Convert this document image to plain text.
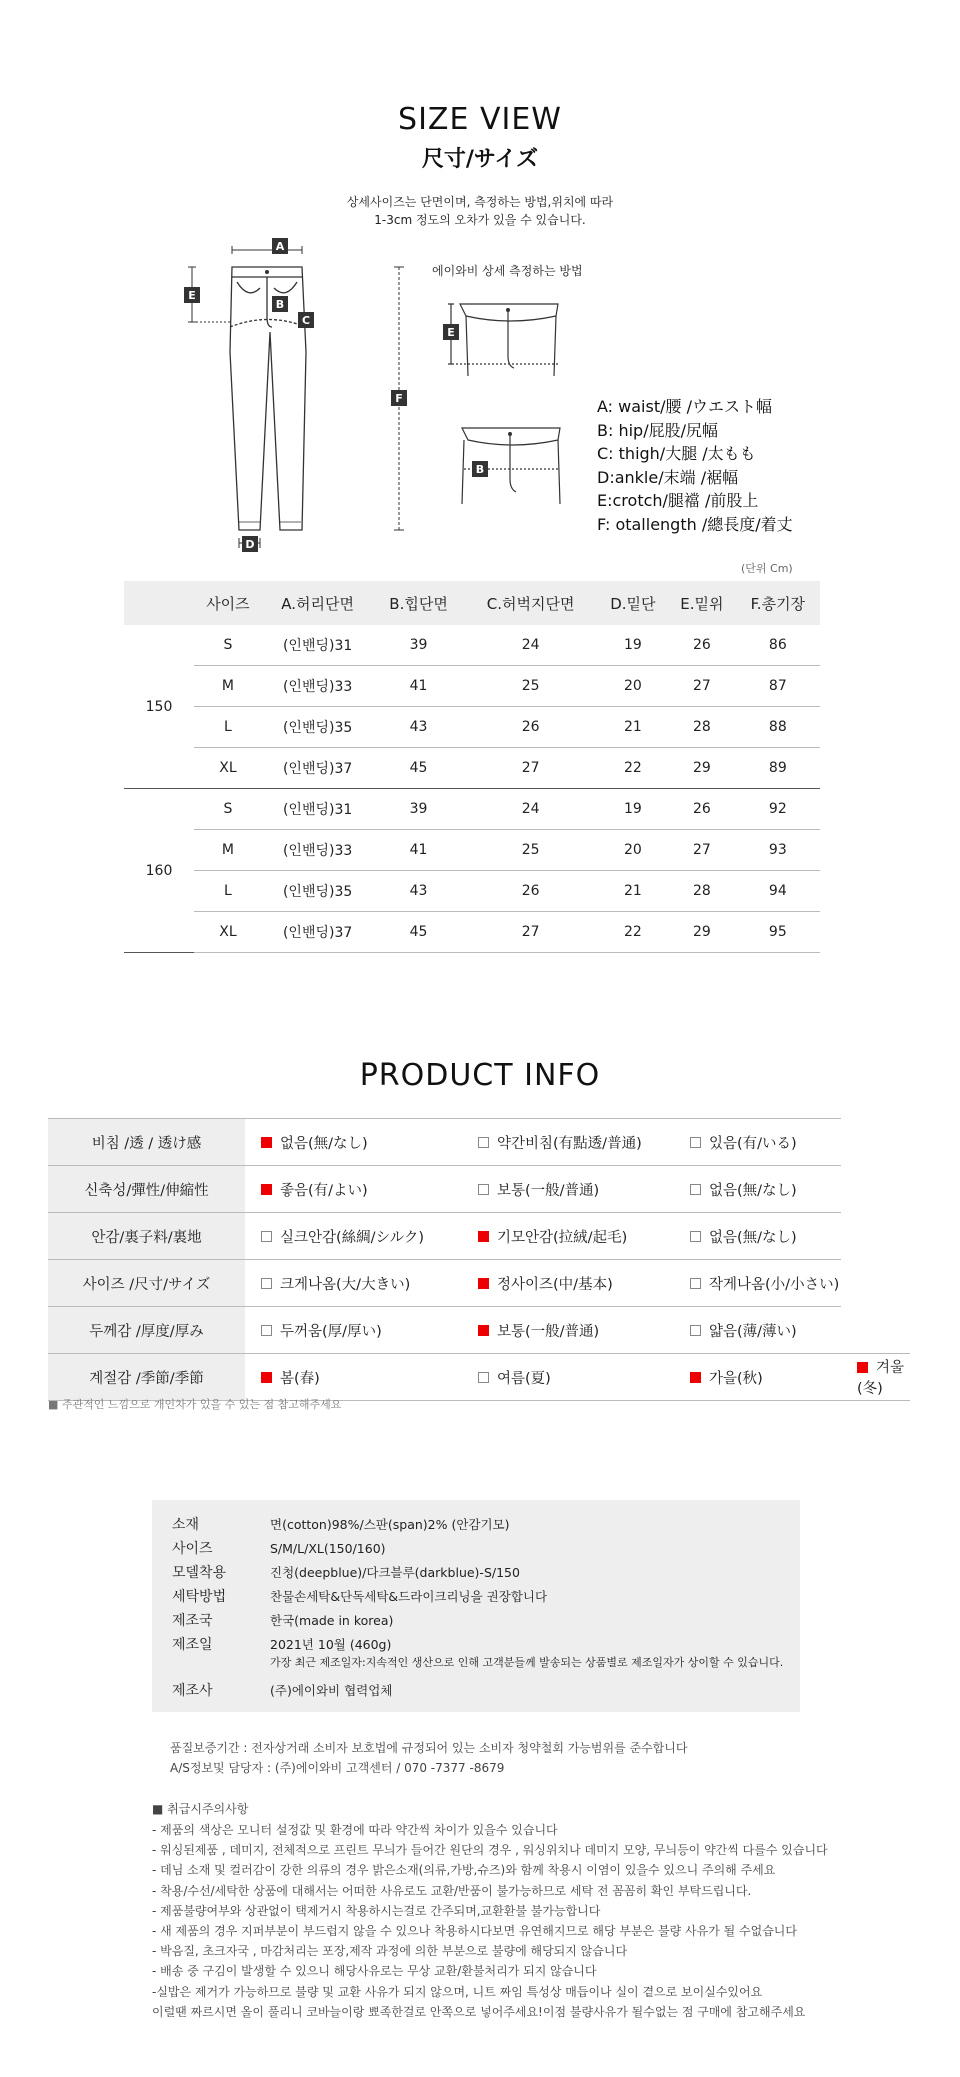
SIZE VIEW
尺寸/サイズ
상세사이즈는 단면이며, 측정하는 방법,위치에 따라
1-3cm 정도의 오차가 있을 수 있습니다.
A
E
B
C
F
D
에이와비 상세 측정하는 방법
E
B
A: waist/腰 /ウエスト幅
B: hip/屁股/尻幅
C: thigh/大腿 /太もも
D:ankle/末端 /裾幅
E:crotch/腿襠 /前股上
F: otallength /總長度/着丈
(단위 Cm)
	사이즈	A.허리단면	B.힙단면	C.허벅지단면	D.밑단	E.밑위	F.총기장
150	S	(인밴딩)31	39	24	19	26	86
	M	(인밴딩)33	41	25	20	27	87
	L	(인밴딩)35	43	26	21	28	88
	XL	(인밴딩)37	45	27	22	29	89
160	S	(인밴딩)31	39	24	19	26	92
	M	(인밴딩)33	41	25	20	27	93
	L	(인밴딩)35	43	26	21	28	94
	XL	(인밴딩)37	45	27	22	29	95
PRODUCT INFO
비침 /透 / 透け感	없음(無/なし)	약간비침(有點透/普通)	있음(有/いる)	
신축성/彈性/伸縮性	좋음(有/よい)	보통(一般/普通)	없음(無/なし)	
안감/裏子料/裏地	실크안감(絲綢/シルク)	기모안감(拉絨/起毛)	없음(無/なし)	
사이즈 /尺寸/サイズ	크게나옴(大/大きい)	정사이즈(中/基本)	작게나옴(小/小さい)	
두께감 /厚度/厚み	두꺼움(厚/厚い)	보통(一般/普通)	얇음(薄/薄い)	
계절감 /季節/季節	봄(春)	여름(夏)	가을(秋)	겨울(冬)
■ 주관적인 느낌으로 개인차가 있을 수 있는 점 참고해주세요
소재	면(cotton)98%/스판(span)2% (안감기모)
사이즈	S/M/L/XL(150/160)
모델착용	진청(deepblue)/다크블루(darkblue)-S/150
세탁방법	찬물손세탁&단독세탁&드라이크리닝을 권장합니다
제조국	한국(made in korea)
제조일	2021년 10월 (460g)
가장 최근 제조일자:지속적인 생산으로 인해 고객분들께 발송되는 상품별로 제조일자가 상이할 수 있습니다.
제조사	(주)에이와비 협력업체
품질보증기간 : 전자상거래 소비자 보호법에 규정되어 있는 소비자 청약철회 가능범위를 준수합니다
A/S정보및 담당자 : (주)에이와비 고객센터 / 070 -7377 -8679
■ 취급시주의사항
- 제품의 색상은 모니터 설정값 및 환경에 따라 약간씩 차이가 있을수 있습니다
- 워싱된제품 , 데미지, 전체적으로 프린트 무늬가 들어간 원단의 경우 , 워싱위치나 데미지 모양, 무늬등이 약간씩 다를수 있습니다
- 데님 소재 및 컬러감이 강한 의류의 경우 밝은소재(의류,가방,슈즈)와 함께 착용시 이염이 있을수 있으니 주의해 주세요
- 착용/수선/세탁한 상품에 대해서는 어떠한 사유로도 교환/반품이 불가능하므로 세탁 전 꼼꼼히 확인 부탁드립니다.
- 제품불량여부와 상관없이 택제거시 착용하시는걸로 간주되며,교환환불 불가능합니다
- 새 제품의 경우 지퍼부분이 부드럽지 않을 수 있으나 착용하시다보면 유연해지므로 해당 부분은 불량 사유가 될 수없습니다
- 박음질, 초크자국 , 마감처리는 포장,제작 과정에 의한 부분으로 불량에 해당되지 않습니다
- 배송 중 구김이 발생할 수 있으니 해당사유로는 무상 교환/환불처리가 되지 않습니다
-실밥은 제거가 가능하므로 불량 및 교환 사유가 되지 않으며, 니트 짜임 특성상 매듭이나 실이 곁으로 보이실수있어요
이럴땐 짜르시면 올이 풀리니 코바늘이랑 뾰족한걸로 안쪽으로 넣어주세요!이점 불량사유가 될수없는 점 구매에 참고해주세요
